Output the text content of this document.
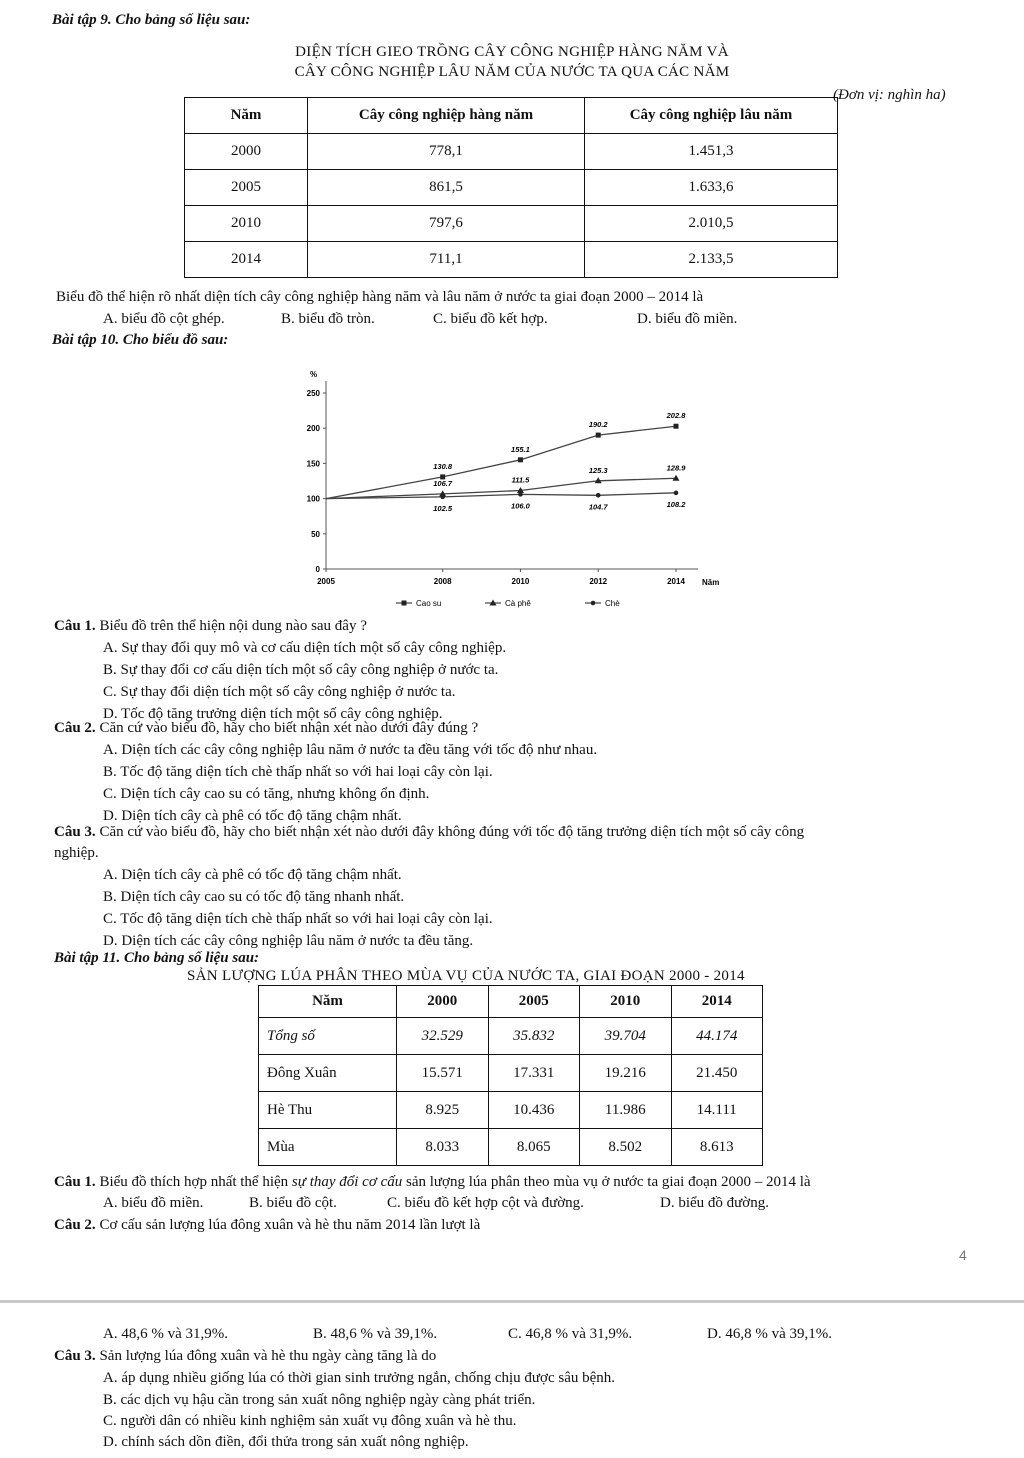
Bài tập 9. Cho bảng số liệu sau:
DIỆN TÍCH GIEO TRỒNG CÂY CÔNG NGHIỆP HÀNG NĂM VÀ
CÂY CÔNG NGHIỆP LÂU NĂM CỦA NƯỚC TA QUA CÁC NĂM
(Đơn vị: nghìn ha)
Năm	Cây công nghiệp hàng năm	Cây công nghiệp lâu năm
2000	778,1	1.451,3
2005	861,5	1.633,6
2010	797,6	2.010,5
2014	711,1	2.133,5
Biểu đồ thể hiện rõ nhất diện tích cây công nghiệp hàng năm và lâu năm ở nước ta giai đoạn 2000 – 2014 là
A. biểu đồ cột ghép.	B. biểu đồ tròn.	C. biểu đồ kết hợp.	D. biểu đồ miền.
Bài tập 10. Cho biểu đồ sau:
%
Năm
0
50
100
150
200
250
2005	2008	2010	2012	2014
130.8
155.1
190.2
202.8
106.7	111.5
125.3	128.9
102.5	106.0	104.7	108.2
Cao su	Cà phê	Chè
Câu 1. Biểu đồ trên thể hiện nội dung nào sau đây ?
A. Sự thay đổi quy mô và cơ cấu diện tích một số cây công nghiệp.
B. Sự thay đổi cơ cấu diện tích một số cây công nghiệp ở nước ta.
C. Sự thay đổi diện tích một số cây công nghiệp ở nước ta.
D. Tốc độ tăng trưởng diện tích một số cây công nghiệp.
Câu 2. Căn cứ vào biểu đồ, hãy cho biết nhận xét nào dưới đây đúng ?
A. Diện tích các cây công nghiệp lâu năm ở nước ta đều tăng với tốc độ như nhau.
B. Tốc độ tăng diện tích chè thấp nhất so với hai loại cây còn lại.
C. Diện tích cây cao su có tăng, nhưng không ổn định.
D. Diện tích cây cà phê có tốc độ tăng chậm nhất.
Câu 3. Căn cứ vào biểu đồ, hãy cho biết nhận xét nào dưới đây không đúng với tốc độ tăng trưởng diện tích một số cây công
nghiệp.
A. Diện tích cây cà phê có tốc độ tăng chậm nhất.
B. Diện tích cây cao su có tốc độ tăng nhanh nhất.
C. Tốc độ tăng diện tích chè thấp nhất so với hai loại cây còn lại.
D. Diện tích các cây công nghiệp lâu năm ở nước ta đều tăng.
Bài tập 11. Cho bảng số liệu sau:
SẢN LƯỢNG LÚA PHÂN THEO MÙA VỤ CỦA NƯỚC TA, GIAI ĐOẠN 2000 - 2014
Năm	2000	2005	2010	2014
Tổng số	32.529	35.832	39.704	44.174
Đông Xuân	15.571	17.331	19.216	21.450
Hè Thu	8.925	10.436	11.986	14.111
Mùa	8.033	8.065	8.502	8.613
Câu 1. Biểu đồ thích hợp nhất thể hiện sự thay đổi cơ cấu sản lượng lúa phân theo mùa vụ ở nước ta giai đoạn 2000 – 2014 là
A. biểu đồ miền.	B. biểu đồ cột.	C. biểu đồ kết hợp cột và đường.	D. biểu đồ đường.
Câu 2. Cơ cấu sản lượng lúa đông xuân và hè thu năm 2014 lần lượt là
4
A. 48,6 % và 31,9%.	B. 48,6 % và 39,1%.	C. 46,8 % và 31,9%.	D. 46,8 % và 39,1%.
Câu 3. Sản lượng lúa đông xuân và hè thu ngày càng tăng là do
A. áp dụng nhiều giống lúa có thời gian sinh trưởng ngắn, chống chịu được sâu bệnh.
B. các dịch vụ hậu cần trong sản xuất nông nghiệp ngày càng phát triển.
C. người dân có nhiều kinh nghiệm sản xuất vụ đông xuân và hè thu.
D. chính sách dồn điền, đổi thửa trong sản xuất nông nghiệp.
